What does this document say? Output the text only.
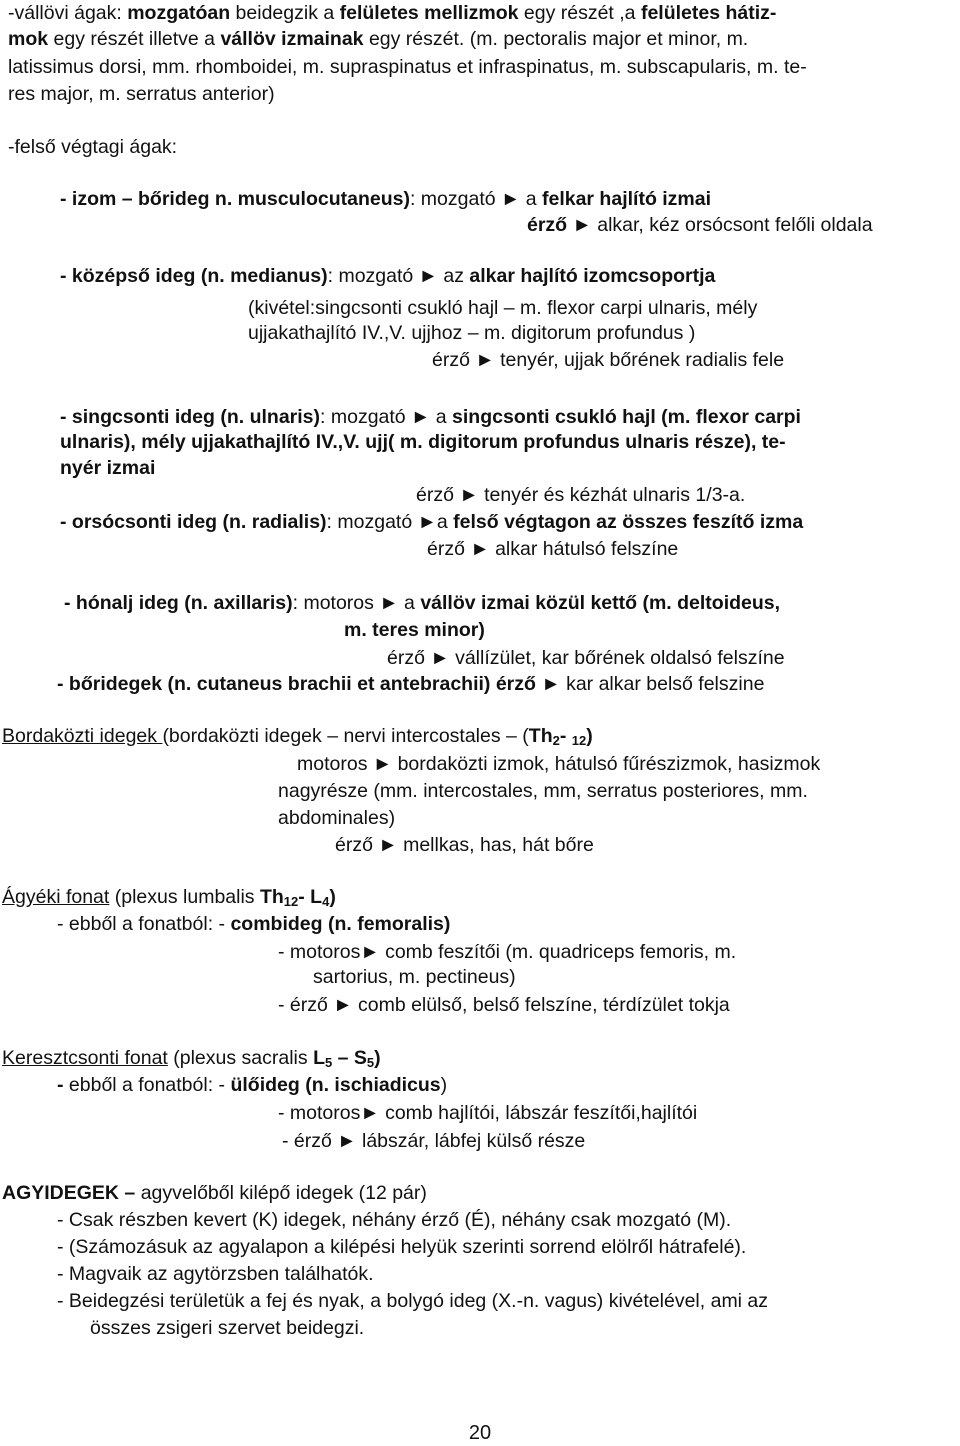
-vállövi ágak: mozgatóan beidegzik a felületes mellizmok egy részét ,a felületes hátiz-
mok egy részét illetve a vállöv izmainak egy részét. (m. pectoralis major et minor, m.
latissimus dorsi, mm. rhomboidei, m. supraspinatus et infraspinatus, m. subscapularis, m. te-
res major, m. serratus anterior)
-felső végtagi ágak:
- izom – bőrideg n. musculocutaneus): mozgató ► a felkar hajlító izmai
érző ► alkar, kéz orsócsont felőli oldala
- középső ideg (n. medianus): mozgató ► az alkar hajlító izomcsoportja
(kivétel:singcsonti csukló hajl – m. flexor carpi ulnaris, mély
ujjakathajlító IV.,V. ujjhoz – m. digitorum profundus )
érző ► tenyér, ujjak bőrének radialis fele
- singcsonti ideg (n. ulnaris): mozgató ► a singcsonti csukló hajl (m. flexor carpi
ulnaris), mély ujjakathajlító IV.,V. ujj( m. digitorum profundus ulnaris része), te-
nyér izmai
érző ► tenyér és kézhát ulnaris 1/3-a.
- orsócsonti ideg (n. radialis): mozgató ►a felső végtagon az összes feszítő izma
érző ► alkar hátulsó felszíne
- hónalj ideg (n. axillaris): motoros ► a vállöv izmai közül kettő (m. deltoideus,
m. teres minor)
érző ► vállízület, kar bőrének oldalsó felszíne
- bőridegek (n. cutaneus brachii et antebrachii) érző ► kar alkar belső felszine
Bordaközti idegek (bordaközti idegek – nervi intercostales – ($Th_2-$ $_{12}$)
motoros ► bordaközti izmok, hátulsó fűrészizmok, hasizmok
nagyrésze (mm. intercostales, mm, serratus posteriores, mm.
abdominales)
érző ► mellkas, has, hát bőre
Ágyéki fonat (plexus lumbalis $Th_{12}-$ $L_4$)
- ebből a fonatból: - combideg (n. femoralis)
- motoros► comb feszítői (m. quadriceps femoris, m.
sartorius, m. pectineus)
- érző ► comb elülső, belső felszíne, térdízület tokja
Keresztcsonti fonat (plexus sacralis $L_5 - S_5$)
- ebből a fonatból: - ülőideg (n. ischiadicus)
- motoros► comb hajlítói, lábszár feszítői,hajlítói
- érző ► lábszár, lábfej külső része
AGYIDEGEK – agyvelőből kilépő idegek (12 pár)
- Csak részben kevert (K) idegek, néhány érző (É), néhány csak mozgató (M).
- (Számozásuk az agyalapon a kilépési helyük szerinti sorrend elölről hátrafelé).
- Magvaik az agytörzsben találhatók.
- Beidegzési területük a fej és nyak, a bolygó ideg (X.-n. vagus) kivételével, ami az
összes zsigeri szervet beidegzi.
20
